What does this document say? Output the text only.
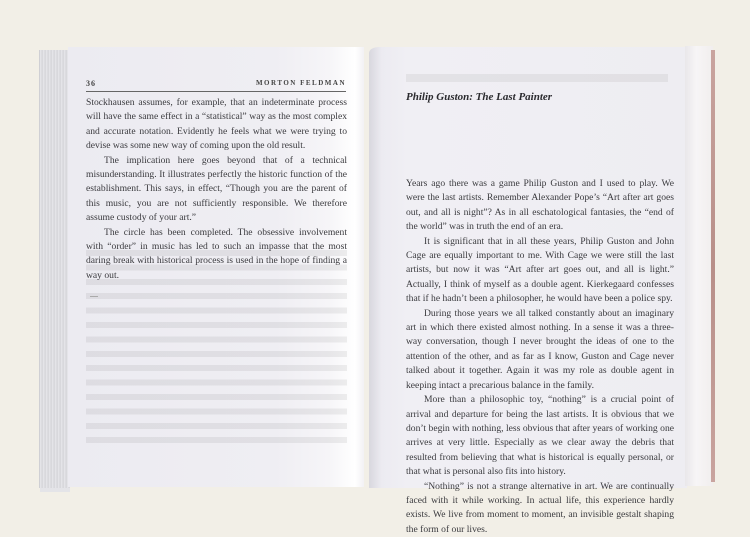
36	MORTON FELDMAN

Stockhausen assumes, for example, that an indeterminate process will have the same effect in a “statistical” way as the most complex and accurate notation. Evidently he feels what we were trying to devise was some new way of coming upon the old result.

The implication here goes beyond that of a technical misunderstanding. It illustrates perfectly the historic function of the establishment. This says, in effect, “Though you are the parent of this music, you are not sufficiently responsible. We therefore assume custody of your art.”

The circle has been completed. The obsessive involvement with “order” in music has led to such an impasse that the most daring break with historical process is used in the hope of finding a way out.

Philip Guston: The Last Painter

Years ago there was a game Philip Guston and I used to play. We were the last artists. Remember Alexander Pope’s “Art after art goes out, and all is night”? As in all eschatological fantasies, the “end of the world” was in truth the end of an era.

It is significant that in all these years, Philip Guston and John Cage are equally important to me. With Cage we were still the last artists, but now it was “Art after art goes out, and all is light.” Actually, I think of myself as a double agent. Kierkegaard confesses that if he hadn’t been a philosopher, he would have been a police spy.

During those years we all talked constantly about an imaginary art in which there existed almost nothing. In a sense it was a three-way conversation, though I never brought the ideas of one to the attention of the other, and as far as I know, Guston and Cage never talked about it together. Again it was my role as double agent in keeping intact a precarious balance in the family.

More than a philosophic toy, “nothing” is a crucial point of arrival and departure for being the last artists. It is obvious that we don’t begin with nothing, less obvious that after years of working one arrives at very little. Especially as we clear away the debris that resulted from believing that what is historical is equally personal, or that what is personal also fits into history.

“Nothing” is not a strange alternative in art. We are continually faced with it while working. In actual life, this experience hardly exists. We live from moment to moment, an invisible gestalt shaping the form of our lives.
